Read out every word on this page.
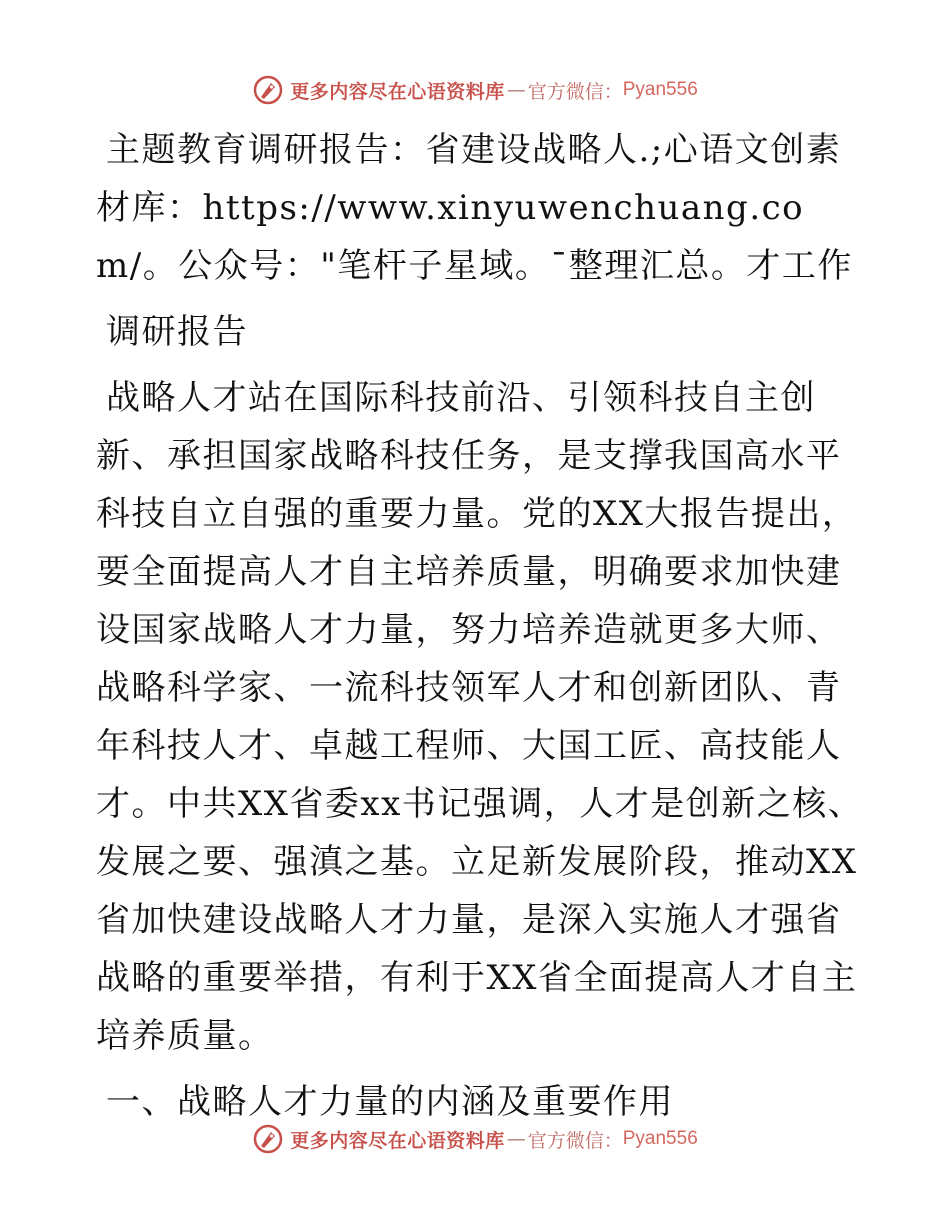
更多内容尽在心语资料库 — 官方微信： Pyan556

主题教育调研报告：省建设战略人.;心语文创素材库：https://www.xinyuwenchuang.com/。公众号："笔杆子星域。¯整理汇总。才工作

调研报告

战略人才站在国际科技前沿、引领科技自主创新、承担国家战略科技任务，是支撑我国高水平科技自立自强的重要力量。党的XX大报告提出，要全面提高人才自主培养质量，明确要求加快建设国家战略人才力量，努力培养造就更多大师、战略科学家、一流科技领军人才和创新团队、青年科技人才、卓越工程师、大国工匠、高技能人才。中共XX省委xx书记强调，人才是创新之核、发展之要、强滇之基。立足新发展阶段，推动XX省加快建设战略人才力量，是深入实施人才强省战略的重要举措，有利于XX省全面提高人才自主培养质量。

一、战略人才力量的内涵及重要作用

更多内容尽在心语资料库 — 官方微信： Pyan556
